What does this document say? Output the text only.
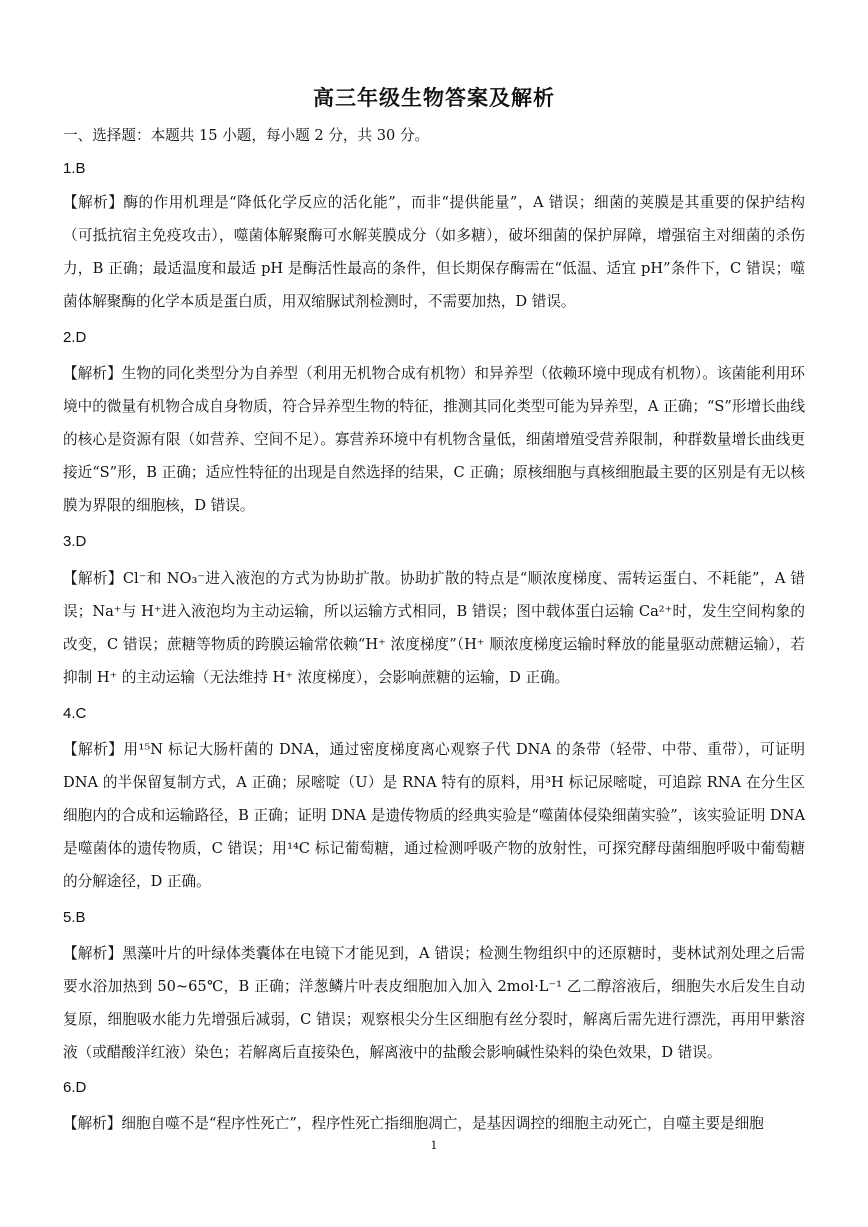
高三年级生物答案及解析
一、选择题：本题共 15 小题，每小题 2 分，共 30 分。
1.B
【解析】酶的作用机理是“降低化学反应的活化能”，而非“提供能量”，A 错误；细菌的荚膜是其重要的保护结构（可抵抗宿主免疫攻击），噬菌体解聚酶可水解荚膜成分（如多糖），破坏细菌的保护屏障，增强宿主对细菌的杀伤力，B 正确；最适温度和最适 pH 是酶活性最高的条件，但长期保存酶需在“低温、适宜 pH”条件下，C 错误；噬菌体解聚酶的化学本质是蛋白质，用双缩脲试剂检测时，不需要加热，D 错误。
2.D
【解析】生物的同化类型分为自养型（利用无机物合成有机物）和异养型（依赖环境中现成有机物）。该菌能利用环境中的微量有机物合成自身物质，符合异养型生物的特征，推测其同化类型可能为异养型，A 正确；“S”形增长曲线的核心是资源有限（如营养、空间不足）。寡营养环境中有机物含量低，细菌增殖受营养限制，种群数量增长曲线更接近“S”形，B 正确；适应性特征的出现是自然选择的结果，C 正确；原核细胞与真核细胞最主要的区别是有无以核膜为界限的细胞核，D 错误。
3.D
【解析】Cl⁻和 NO₃⁻进入液泡的方式为协助扩散。协助扩散的特点是“顺浓度梯度、需转运蛋白、不耗能”，A 错误；Na⁺与 H⁺进入液泡均为主动运输，所以运输方式相同，B 错误；图中载体蛋白运输 Ca²⁺时，发生空间构象的改变，C 错误；蔗糖等物质的跨膜运输常依赖“H⁺ 浓度梯度”（H⁺ 顺浓度梯度运输时释放的能量驱动蔗糖运输），若抑制 H⁺ 的主动运输（无法维持 H⁺ 浓度梯度），会影响蔗糖的运输，D 正确。
4.C
【解析】用¹⁵N 标记大肠杆菌的 DNA，通过密度梯度离心观察子代 DNA 的条带（轻带、中带、重带），可证明 DNA 的半保留复制方式，A 正确；尿嘧啶（U）是 RNA 特有的原料，用³H 标记尿嘧啶，可追踪 RNA 在分生区细胞内的合成和运输路径，B 正确；证明 DNA 是遗传物质的经典实验是“噬菌体侵染细菌实验”，该实验证明 DNA 是噬菌体的遗传物质，C 错误；用¹⁴C 标记葡萄糖，通过检测呼吸产物的放射性，可探究酵母菌细胞呼吸中葡萄糖的分解途径，D 正确。
5.B
【解析】黑藻叶片的叶绿体类囊体在电镜下才能见到，A 错误；检测生物组织中的还原糖时，斐林试剂处理之后需要水浴加热到 50~65℃，B 正确；洋葱鳞片叶表皮细胞加入加入 2mol·L⁻¹ 乙二醇溶液后，细胞失水后发生自动复原，细胞吸水能力先增强后减弱，C 错误；观察根尖分生区细胞有丝分裂时，解离后需先进行漂洗，再用甲紫溶液（或醋酸洋红液）染色；若解离后直接染色，解离液中的盐酸会影响碱性染料的染色效果，D 错误。
6.D
【解析】细胞自噬不是“程序性死亡”，程序性死亡指细胞凋亡，是基因调控的细胞主动死亡，自噬主要是细胞
1
